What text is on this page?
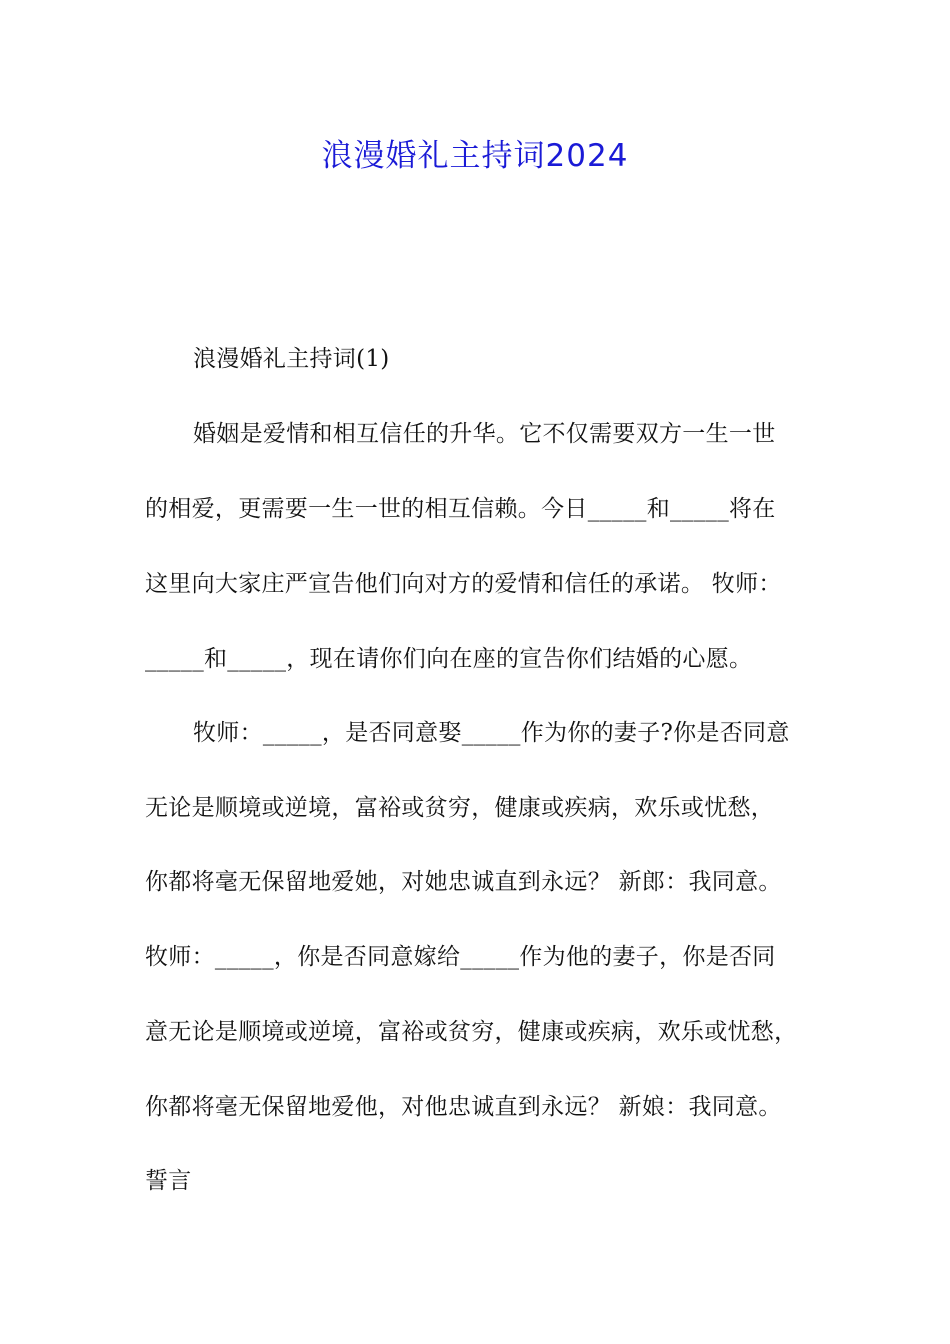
浪漫婚礼主持词2024
浪漫婚礼主持词(1)
婚姻是爱情和相互信任的升华。它不仅需要双方一生一世
的相爱，更需要一生一世的相互信赖。今日_____和_____将在
这里向大家庄严宣告他们向对方的爱情和信任的承诺。 牧师：
_____和_____，现在请你们向在座的宣告你们结婚的心愿。
牧师：_____，是否同意娶_____作为你的妻子?你是否同意
无论是顺境或逆境，富裕或贫穷，健康或疾病，欢乐或忧愁，
你都将毫无保留地爱她，对她忠诚直到永远？ 新郎：我同意。
牧师：_____，你是否同意嫁给_____作为他的妻子，你是否同
意无论是顺境或逆境，富裕或贫穷，健康或疾病，欢乐或忧愁，
你都将毫无保留地爱他，对他忠诚直到永远？ 新娘：我同意。
誓言
